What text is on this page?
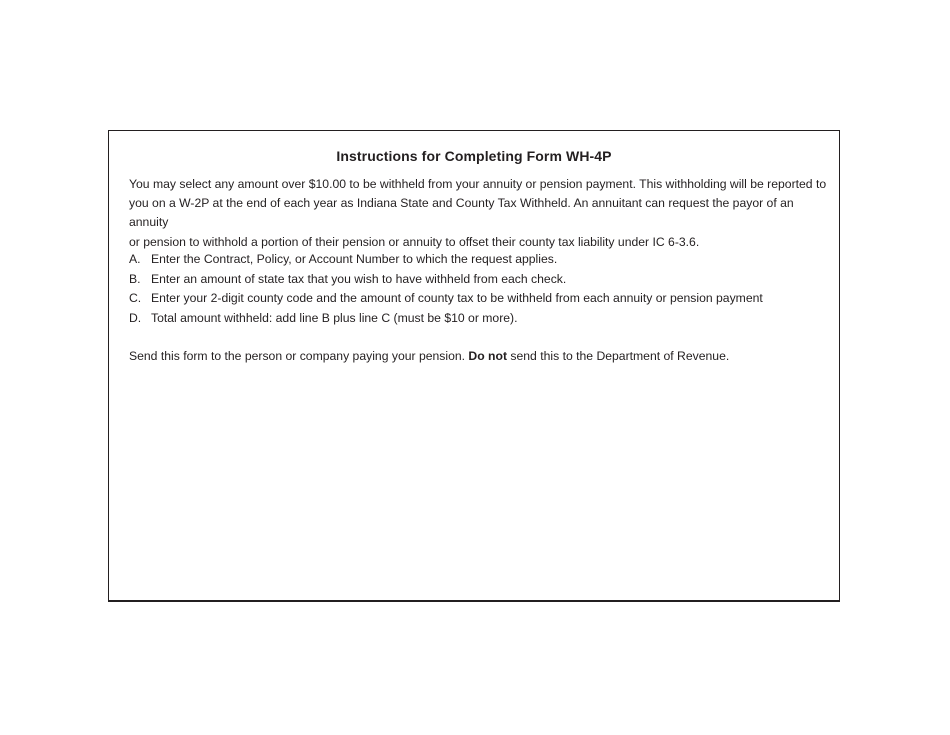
Instructions for Completing Form WH-4P

You may select any amount over $10.00 to be withheld from your annuity or pension payment. This withholding will be reported to
you on a W-2P at the end of each year as Indiana State and County Tax Withheld. An annuitant can request the payor of an annuity
or pension to withhold a portion of their pension or annuity to offset their county tax liability under IC 6-3.6.

A. Enter the Contract, Policy, or Account Number to which the request applies.
B. Enter an amount of state tax that you wish to have withheld from each check.
C. Enter your 2-digit county code and the amount of county tax to be withheld from each annuity or pension payment
D. Total amount withheld: add line B plus line C (must be $10 or more).

Send this form to the person or company paying your pension. Do not send this to the Department of Revenue.
